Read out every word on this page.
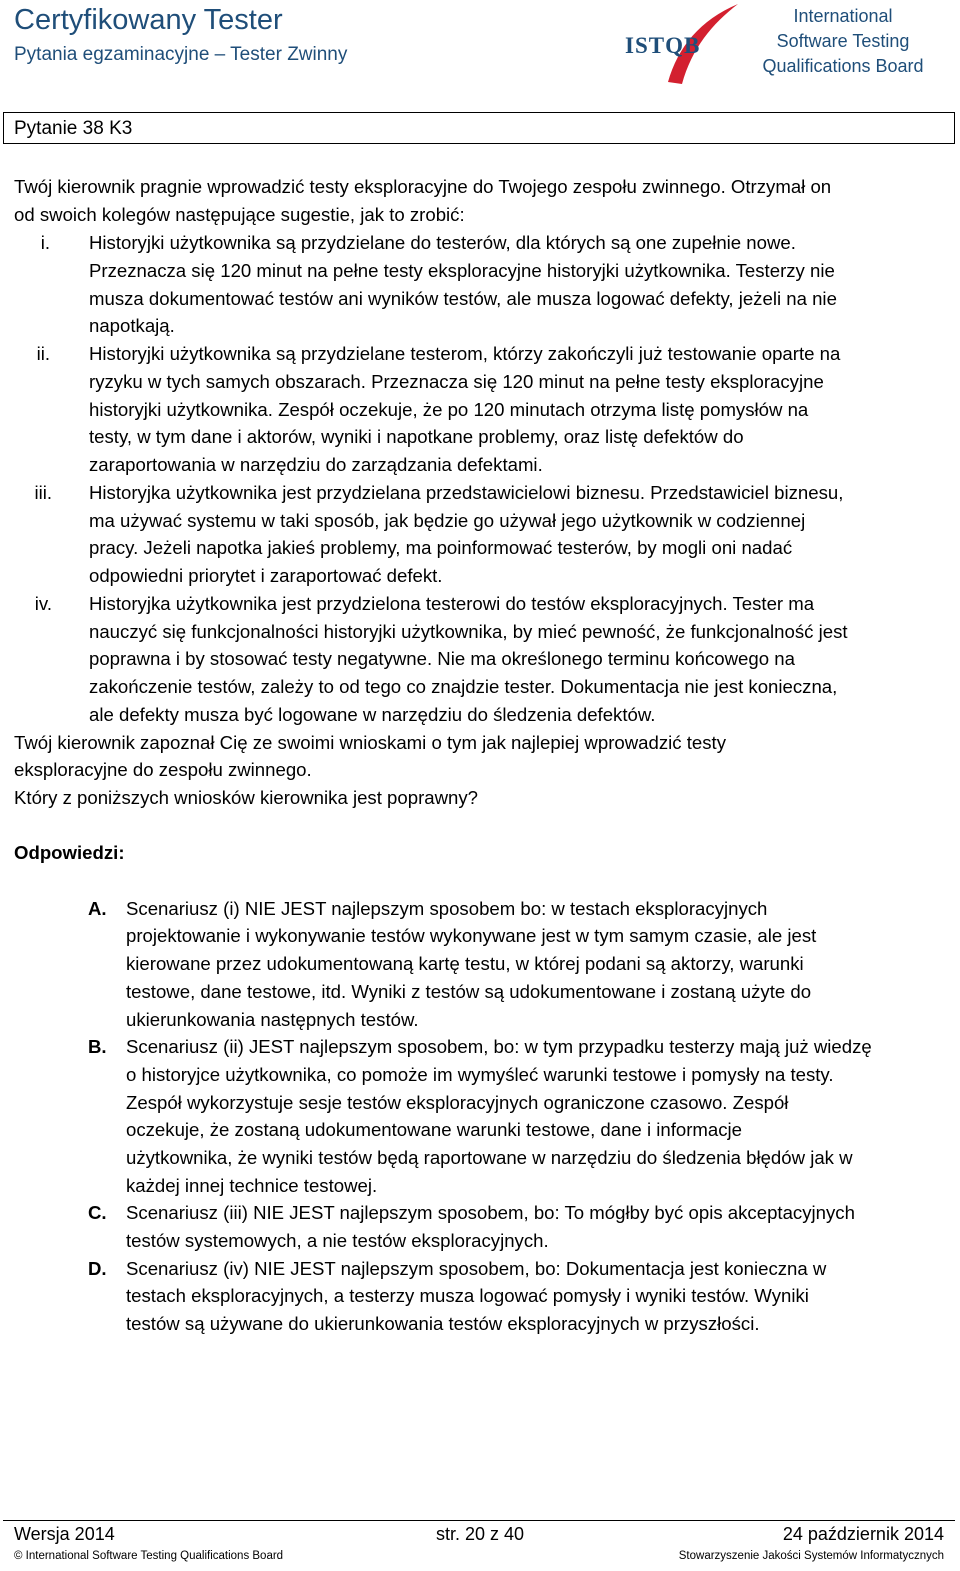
Certyfikowany Tester
Pytania egzaminacyjne – Tester Zwinny	ISTQB
International
Software Testing
Qualifications Board
Pytanie 38 K3
Twój kierownik pragnie wprowadzić testy eksploracyjne do Twojego zespołu zwinnego. Otrzymał on
od swoich kolegów następujące sugestie, jak to zrobić:
i. Historyjki użytkownika są przydzielane do testerów, dla których są one zupełnie nowe.
Przeznacza się 120 minut na pełne testy eksploracyjne historyjki użytkownika. Testerzy nie
musza dokumentować testów ani wyników testów, ale musza logować defekty, jeżeli na nie
napotkają.
ii. Historyjki użytkownika są przydzielane testerom, którzy zakończyli już testowanie oparte na
ryzyku w tych samych obszarach. Przeznacza się 120 minut na pełne testy eksploracyjne
historyjki użytkownika. Zespół oczekuje, że po 120 minutach otrzyma listę pomysłów na
testy, w tym dane i aktorów, wyniki i napotkane problemy, oraz listę defektów do
zaraportowania w narzędziu do zarządzania defektami.
iii. Historyjka użytkownika jest przydzielana przedstawicielowi biznesu. Przedstawiciel biznesu,
ma używać systemu w taki sposób, jak będzie go używał jego użytkownik w codziennej
pracy. Jeżeli napotka jakieś problemy, ma poinformować testerów, by mogli oni nadać
odpowiedni priorytet i zaraportować defekt.
iv. Historyjka użytkownika jest przydzielona testerowi do testów eksploracyjnych. Tester ma
nauczyć się funkcjonalności historyjki użytkownika, by mieć pewność, że funkcjonalność jest
poprawna i by stosować testy negatywne. Nie ma określonego terminu końcowego na
zakończenie testów, zależy to od tego co znajdzie tester. Dokumentacja nie jest konieczna,
ale defekty musza być logowane w narzędziu do śledzenia defektów.
Twój kierownik zapoznał Cię ze swoimi wnioskami o tym jak najlepiej wprowadzić testy
eksploracyjne do zespołu zwinnego.
Który z poniższych wniosków kierownika jest poprawny?
Odpowiedzi:
A. Scenariusz (i) NIE JEST najlepszym sposobem bo: w testach eksploracyjnych
projektowanie i wykonywanie testów wykonywane jest w tym samym czasie, ale jest
kierowane przez udokumentowaną kartę testu, w której podani są aktorzy, warunki
testowe, dane testowe, itd. Wyniki z testów są udokumentowane i zostaną użyte do
ukierunkowania następnych testów.
B. Scenariusz (ii) JEST najlepszym sposobem, bo: w tym przypadku testerzy mają już wiedzę
o historyjce użytkownika, co pomoże im wymyśleć warunki testowe i pomysły na testy.
Zespół wykorzystuje sesje testów eksploracyjnych ograniczone czasowo. Zespół
oczekuje, że zostaną udokumentowane warunki testowe, dane i informacje
użytkownika, że wyniki testów będą raportowane w narzędziu do śledzenia błędów jak w
każdej innej technice testowej.
C. Scenariusz (iii) NIE JEST najlepszym sposobem, bo: To mógłby być opis akceptacyjnych
testów systemowych, a nie testów eksploracyjnych.
D. Scenariusz (iv) NIE JEST najlepszym sposobem, bo: Dokumentacja jest konieczna w
testach eksploracyjnych, a testerzy musza logować pomysły i wyniki testów. Wyniki
testów są używane do ukierunkowania testów eksploracyjnych w przyszłości.
Wersja 2014	str. 20 z 40	24 październik 2014
© International Software Testing Qualifications Board	Stowarzyszenie Jakości Systemów Informatycznych
